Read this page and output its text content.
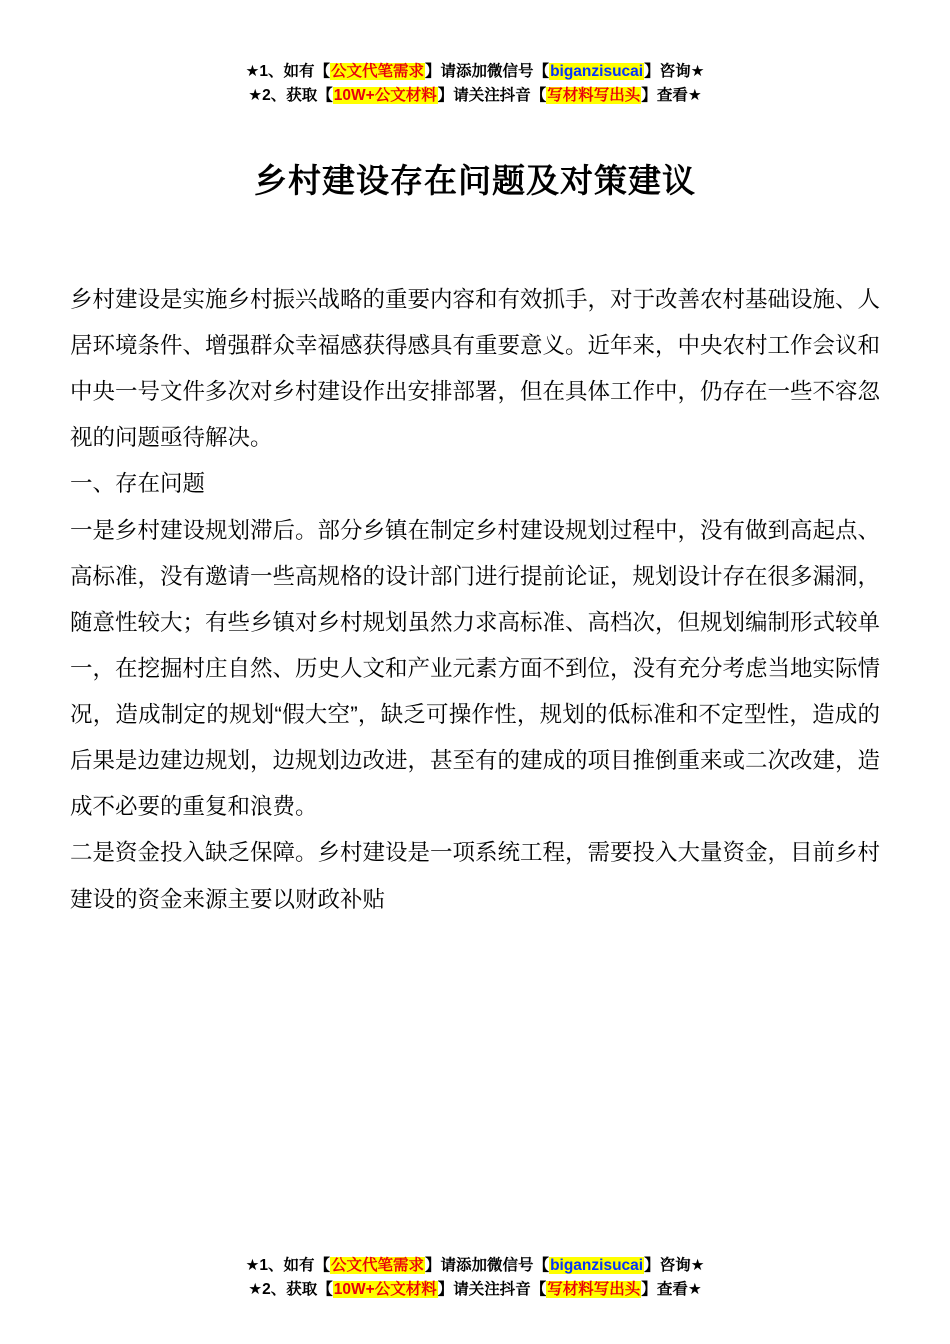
★1、如有【公文代笔需求】请添加微信号【biganzisucai】咨询★
★2、获取【10W+公文材料】请关注抖音【写材料写出头】查看★
乡村建设存在问题及对策建议

乡村建设是实施乡村振兴战略的重要内容和有效抓手，对于改善农村基础设施、人居环境条件、增强群众幸福感获得感具有重要意义。近年来，中央农村工作会议和中央一号文件多次对乡村建设作出安排部署，但在具体工作中，仍存在一些不容忽视的问题亟待解决。

一、存在问题

一是乡村建设规划滞后。部分乡镇在制定乡村建设规划过程中，没有做到高起点、高标准，没有邀请一些高规格的设计部门进行提前论证，规划设计存在很多漏洞，随意性较大；有些乡镇对乡村规划虽然力求高标准、高档次，但规划编制形式较单一，在挖掘村庄自然、历史人文和产业元素方面不到位，没有充分考虑当地实际情况，造成制定的规划“假大空”，缺乏可操作性，规划的低标准和不定型性，造成的后果是边建边规划，边规划边改进，甚至有的建成的项目推倒重来或二次改建，造成不必要的重复和浪费。

二是资金投入缺乏保障。乡村建设是一项系统工程，需要投入大量资金，目前乡村建设的资金来源主要以财政补贴

★1、如有【公文代笔需求】请添加微信号【biganzisucai】咨询★
★2、获取【10W+公文材料】请关注抖音【写材料写出头】查看★
